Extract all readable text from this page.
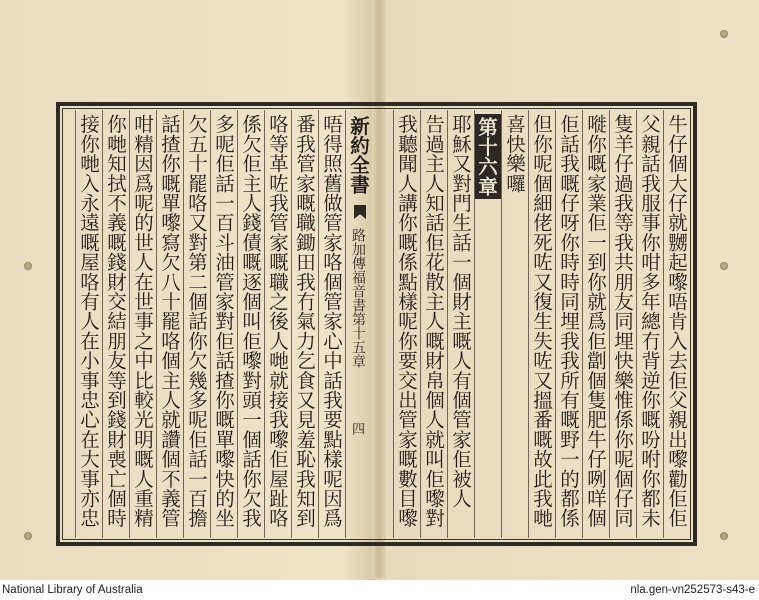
牛仔個大仔就嬲起嚟唔肯入去佢父親出嚟勸佢佢
父親話我服事你咁多年總冇背逆你嘅吩咐你都未
隻羊仔過我等我共朋友同埋快樂惟係你呢個仔同
嘥你嘅家業佢一到你就爲佢劏個隻肥牛仔咧咩個
佢話我嘅仔呀你時時同埋我我所有嘅野一的都係
但你呢個細佬死咗又復生失咗又搵番嘅故此我哋
喜快樂囉
第十六章
耶穌又對門生話一個財主嘅人有個管家佢被人
告過主人知話佢花散主人嘅財帛個人就叫佢嚟對
我聽聞人講你嘅係點樣呢你要交出管家嘅數目嚟
新約全書
路加傳福音書第十五章
四
唔得照舊做管家咯個管家心中話我要點樣呢因爲
番我管家嘅職鋤田我冇氣力乞食又見羞恥我知到
咯等革咗我管家嘅職之後人哋就接我嚟佢屋趾咯
係欠佢主人錢債嘅逐個叫佢嚟對頭一個話你欠我
多呢佢話一百斗油管家對佢話揸你嘅單嚟快的坐
欠五十罷咯又對第二個話你欠幾多呢佢話一百擔
話揸你嘅單嚟寫欠八十罷咯個主人就讚個不義管
咁精因爲呢的世人在世事之中比較光明嘅人重精
你哋知拭不義嘅錢財交結朋友等到錢財喪亡個時
接你哋入永遠嘅屋咯有人在小事忠心在大事亦忠
National Library of Australia	nla.gen-vn252573-s43-e
